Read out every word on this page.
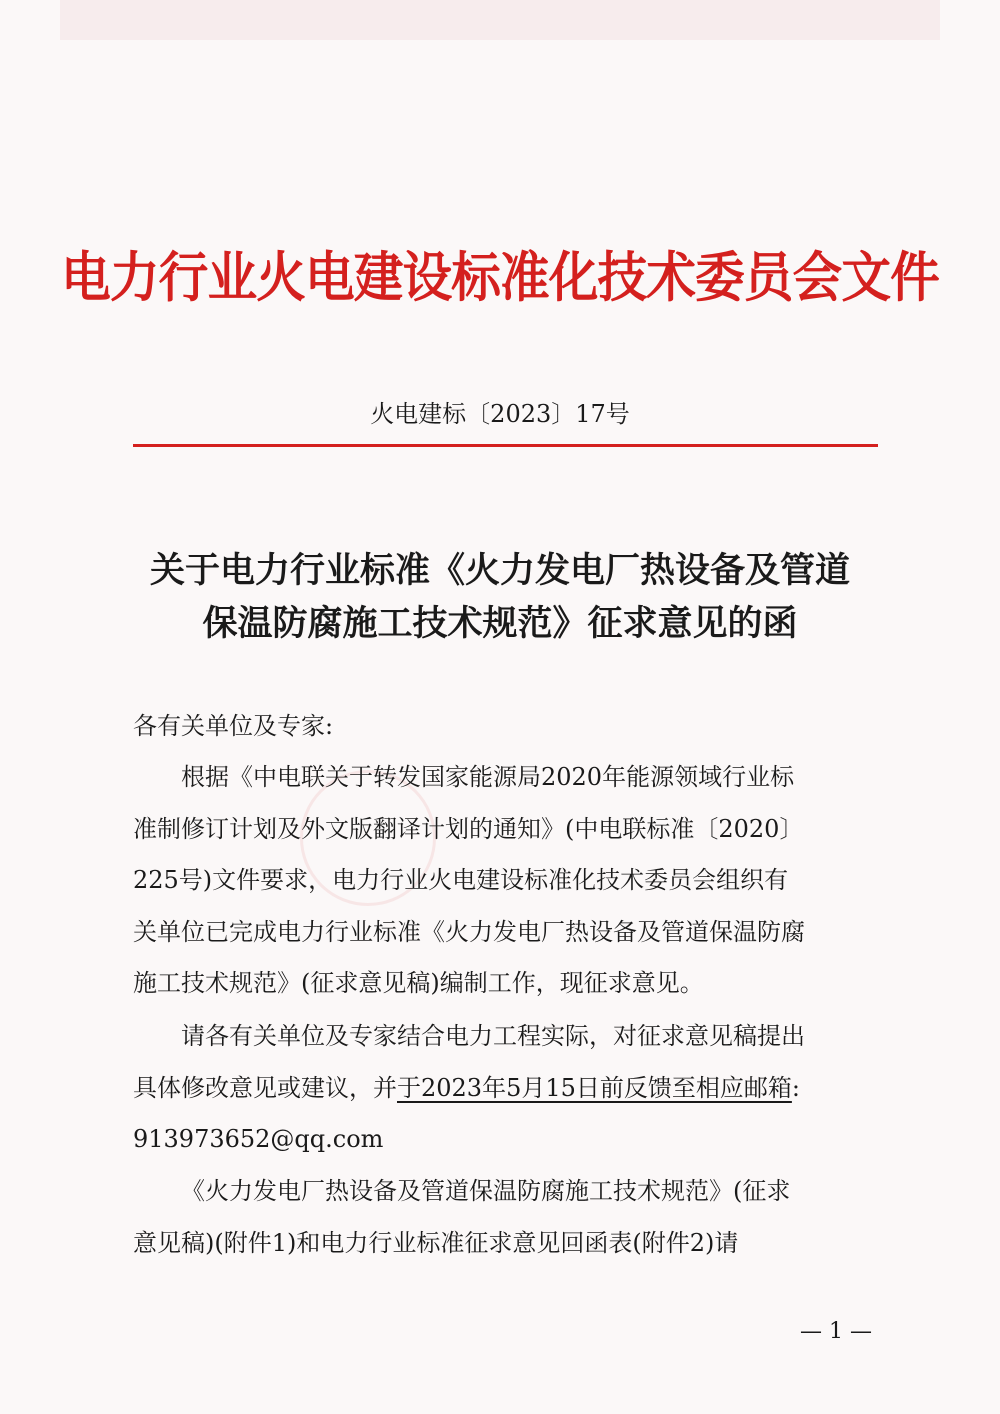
电力行业火电建设标准化技术委员会文件
火电建标〔2023〕17号
关于电力行业标准《火力发电厂热设备及管道
保温防腐施工技术规范》征求意见的函
各有关单位及专家:
根据《中电联关于转发国家能源局2020年能源领域行业标
准制修订计划及外文版翻译计划的通知》(中电联标准〔2020〕
225号)文件要求，电力行业火电建设标准化技术委员会组织有
关单位已完成电力行业标准《火力发电厂热设备及管道保温防腐
施工技术规范》(征求意见稿)编制工作，现征求意见。
请各有关单位及专家结合电力工程实际，对征求意见稿提出
具体修改意见或建议，并于2023年5月15日前反馈至相应邮箱:
913973652@qq.com
《火力发电厂热设备及管道保温防腐施工技术规范》(征求
意见稿)(附件1)和电力行业标准征求意见回函表(附件2)请
— 1 —
